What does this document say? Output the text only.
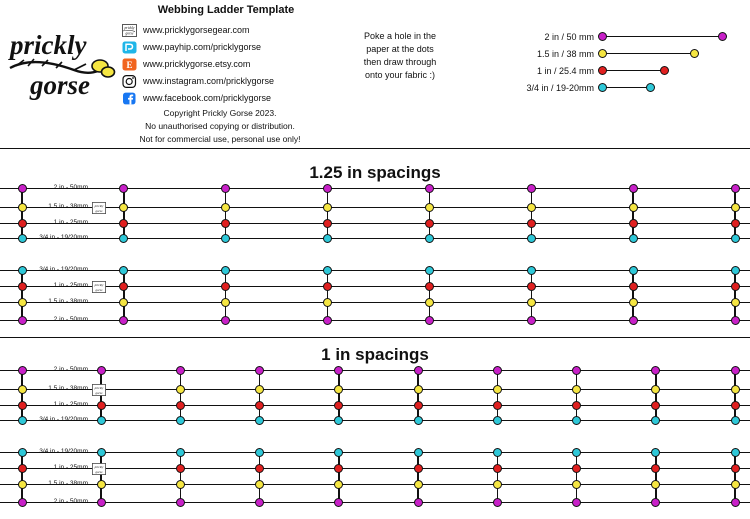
prickly
gorse
Webbing Ladder Template
prickly
gorse www.pricklygorsegear.com
www.payhip.com/pricklygorse
E www.pricklygorse.etsy.com
www.instagram.com/pricklygorse
www.facebook.com/pricklygorse
Copyright Prickly Gorse 2023.
No unauthorised copying or distribution.
Not for commercial use, personal use only!
Poke a hole in the
paper at the dots
then draw through
onto your fabric :)
2 in / 50 mm
1.5 in / 38 mm
1 in / 25.4 mm
3/4 in / 19-20mm
1.25 in spacings
2 in - 50mm
1.5 in - 38mm
1 in - 25mm
3/4 in - 19/20mm
3/4 in - 19/20mm
1 in - 25mm
1.5 in - 38mm
2 in - 50mm
prickly
gorse
prickly
gorse
1 in spacings
2 in - 50mm
1.5 in - 38mm
1 in - 25mm
3/4 in - 19/20mm
3/4 in - 19/20mm
1 in - 25mm
1.5 in - 38mm
2 in - 50mm
prickly
gorse
prickly
gorse
